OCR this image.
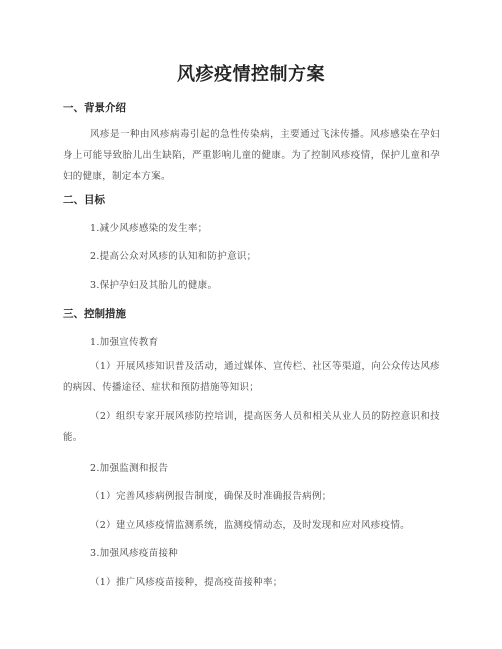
风疹疫情控制方案
一、背景介绍
风疹是一种由风疹病毒引起的急性传染病，主要通过飞沫传播。风疹感染在孕妇身上可能导致胎儿出生缺陷，严重影响儿童的健康。为了控制风疹疫情，保护儿童和孕妇的健康，制定本方案。
二、目标
1.减少风疹感染的发生率；
2.提高公众对风疹的认知和防护意识；
3.保护孕妇及其胎儿的健康。
三、控制措施
1.加强宣传教育
（1）开展风疹知识普及活动，通过媒体、宣传栏、社区等渠道，向公众传达风疹的病因、传播途径、症状和预防措施等知识；
（2）组织专家开展风疹防控培训，提高医务人员和相关从业人员的防控意识和技能。
2.加强监测和报告
（1）完善风疹病例报告制度，确保及时准确报告病例；
（2）建立风疹疫情监测系统，监测疫情动态，及时发现和应对风疹疫情。
3.加强风疹疫苗接种
（1）推广风疹疫苗接种，提高疫苗接种率；
